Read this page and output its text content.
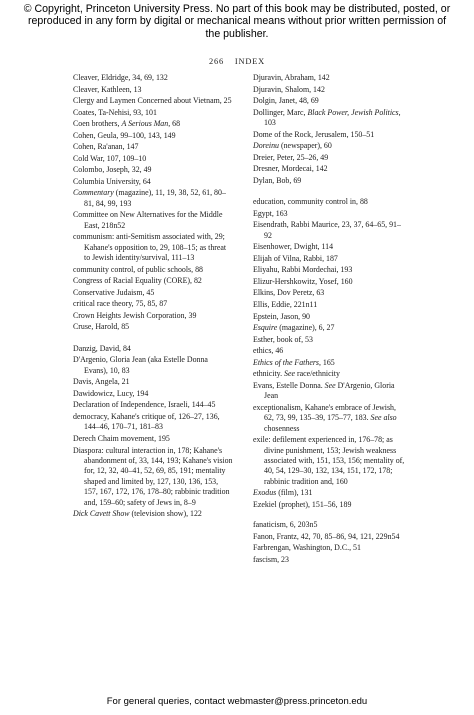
© Copyright, Princeton University Press. No part of this book may be distributed, posted, or reproduced in any form by digital or mechanical means without prior written permission of the publisher.
266 INDEX
Cleaver, Eldridge, 34, 69, 132
Cleaver, Kathleen, 13
Clergy and Laymen Concerned about Vietnam, 25
Coates, Ta-Nehisi, 93, 101
Coen brothers, A Serious Man, 68
Cohen, Geula, 99–100, 143, 149
Cohen, Ra'anan, 147
Cold War, 107, 109–10
Colombo, Joseph, 32, 49
Columbia University, 64
Commentary (magazine), 11, 19, 38, 52, 61, 80–81, 84, 99, 193
Committee on New Alternatives for the Middle East, 218n52
communism: anti-Semitism associated with, 29; Kahane's opposition to, 29, 108–15; as threat to Jewish identity/survival, 111–13
community control, of public schools, 88
Congress of Racial Equality (CORE), 82
Conservative Judaism, 45
critical race theory, 75, 85, 87
Crown Heights Jewish Corporation, 39
Cruse, Harold, 85
Danzig, David, 84
D'Argenio, Gloria Jean (aka Estelle Donna Evans), 10, 83
Davis, Angela, 21
Dawidowicz, Lucy, 194
Declaration of Independence, Israeli, 144–45
democracy, Kahane's critique of, 126–27, 136, 144–46, 170–71, 181–83
Derech Chaim movement, 195
Diaspora: cultural interaction in, 178; Kahane's abandonment of, 33, 144, 193; Kahane's vision for, 12, 32, 40–41, 52, 69, 85, 191; mentality shaped and limited by, 127, 130, 136, 153, 157, 167, 172, 176, 178–80; rabbinic tradition and, 159–60; safety of Jews in, 8–9
Dick Cavett Show (television show), 122
Djuravin, Abraham, 142
Djuravin, Shalom, 142
Dolgin, Janet, 48, 69
Dollinger, Marc, Black Power, Jewish Politics, 103
Dome of the Rock, Jerusalem, 150–51
Doreinu (newspaper), 60
Dreier, Peter, 25–26, 49
Dresner, Mordecai, 142
Dylan, Bob, 69
education, community control in, 88
Egypt, 163
Eisendrath, Rabbi Maurice, 23, 37, 64–65, 91–92
Eisenhower, Dwight, 114
Elijah of Vilna, Rabbi, 187
Eliyahu, Rabbi Mordechai, 193
Elizur-Hershkowitz, Yosef, 160
Elkins, Dov Peretz, 63
Ellis, Eddie, 221n11
Epstein, Jason, 90
Esquire (magazine), 6, 27
Esther, book of, 53
ethics, 46
Ethics of the Fathers, 165
ethnicity. See race/ethnicity
Evans, Estelle Donna. See D'Argenio, Gloria Jean
exceptionalism, Kahane's embrace of Jewish, 62, 73, 99, 135–39, 175–77, 183. See also chosenness
exile: defilement experienced in, 176–78; as divine punishment, 153; Jewish weakness associated with, 151, 153, 156; mentality of, 40, 54, 129–30, 132, 134, 151, 172, 178; rabbinic tradition and, 160
Exodus (film), 131
Ezekiel (prophet), 151–56, 189
fanaticism, 6, 203n5
Fanon, Frantz, 42, 70, 85–86, 94, 121, 229n54
Farbrengan, Washington, D.C., 51
fascism, 23
For general queries, contact webmaster@press.princeton.edu
